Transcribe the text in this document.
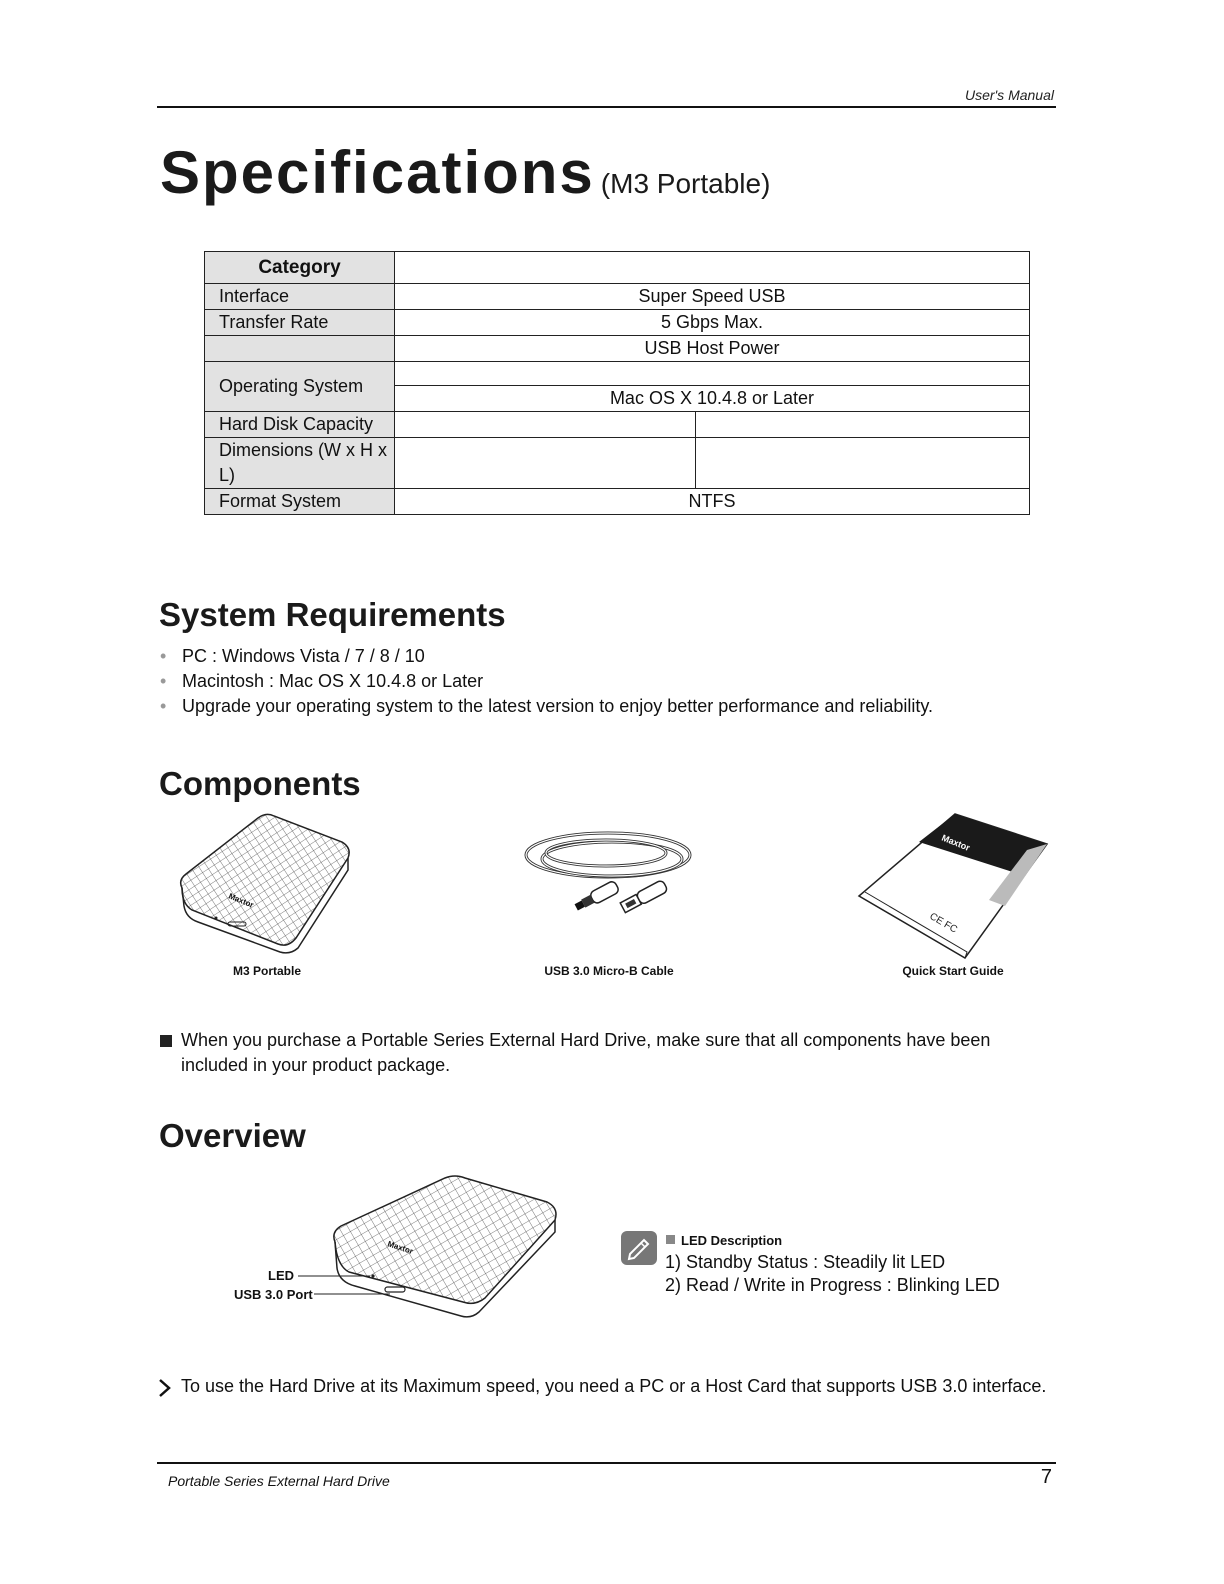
User's Manual
Specifications (M3 Portable)
Category		
Interface	Super Speed USB	
Transfer Rate	5 Gbps Max.	
	USB Host Power	
Operating System		
	Mac OS X 10.4.8 or Later	
Hard Disk Capacity		
Dimensions (W x H x L)		
Format System	NTFS	
System Requirements
• PC : Windows Vista / 7 / 8 / 10
• Macintosh : Mac OS X 10.4.8 or Later
• Upgrade your operating system to the latest version to enjoy better performance and reliability.
Components
Maxtor
M3 Portable	USB 3.0 Micro-B Cable
Maxtor
CE FC
Quick Start Guide
When you purchase a Portable Series External Hard Drive, make sure that all components have been included in your product package.
Overview
Maxtor
LED
USB 3.0 Port
LED Description
1) Standby Status : Steadily lit LED
2) Read / Write in Progress : Blinking LED
To use the Hard Drive at its Maximum speed, you need a PC or a Host Card that supports USB 3.0 interface.
Portable Series External Hard Drive	7
